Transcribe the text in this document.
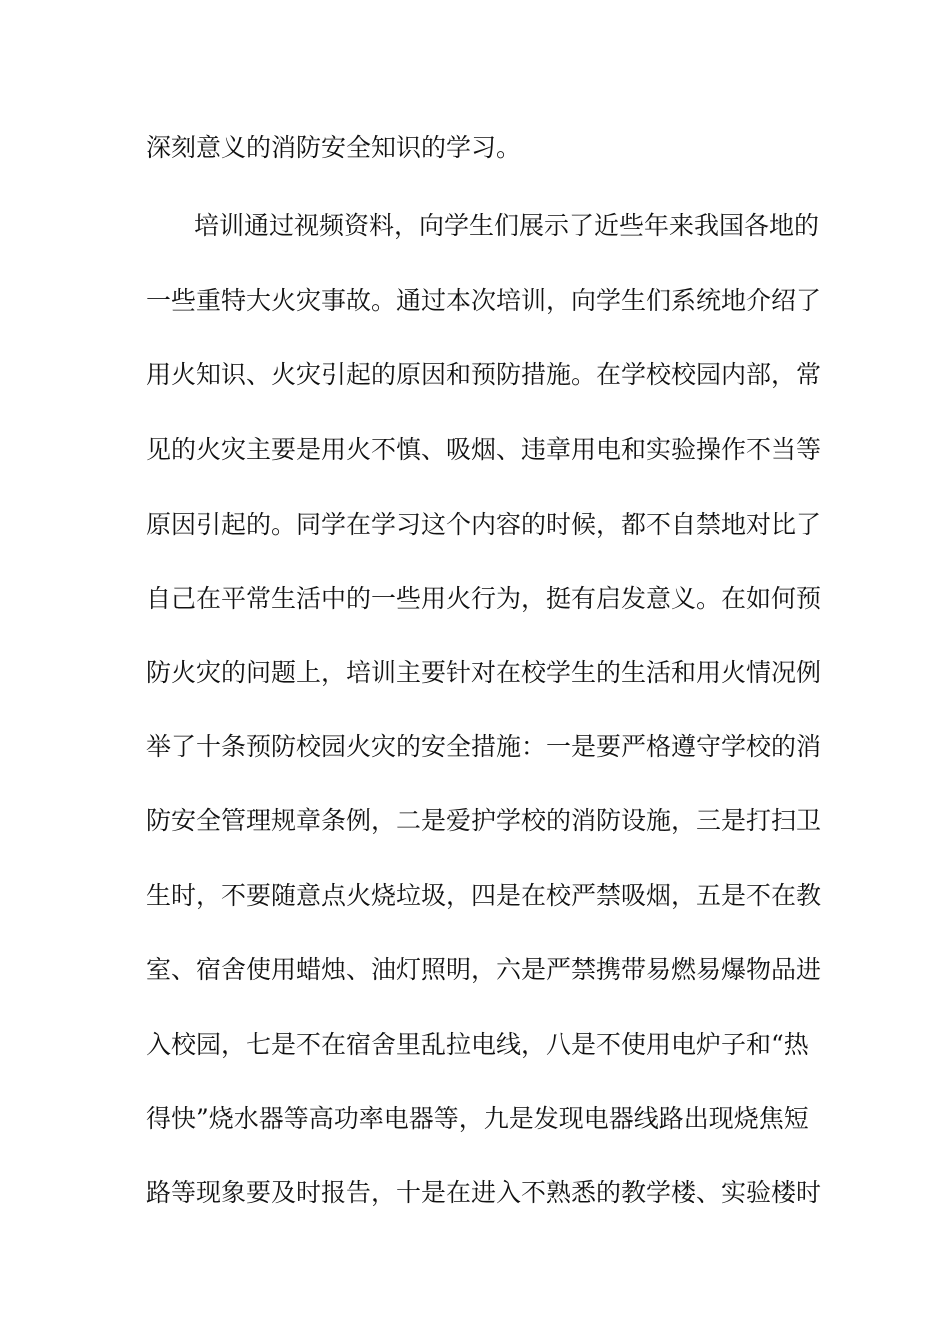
深刻意义的消防安全知识的学习。
培训通过视频资料，向学生们展示了近些年来我国各地的
一些重特大火灾事故。通过本次培训，向学生们系统地介绍了
用火知识、火灾引起的原因和预防措施。在学校校园内部，常
见的火灾主要是用火不慎、吸烟、违章用电和实验操作不当等
原因引起的。同学在学习这个内容的时候，都不自禁地对比了
自己在平常生活中的一些用火行为，挺有启发意义。在如何预
防火灾的问题上，培训主要针对在校学生的生活和用火情况例
举了十条预防校园火灾的安全措施：一是要严格遵守学校的消
防安全管理规章条例，二是爱护学校的消防设施，三是打扫卫
生时，不要随意点火烧垃圾，四是在校严禁吸烟，五是不在教
室、宿舍使用蜡烛、油灯照明，六是严禁携带易燃易爆物品进
入校园，七是不在宿舍里乱拉电线，八是不使用电炉子和“热
得快”烧水器等高功率电器等，九是发现电器线路出现烧焦短
路等现象要及时报告，十是在进入不熟悉的教学楼、实验楼时
